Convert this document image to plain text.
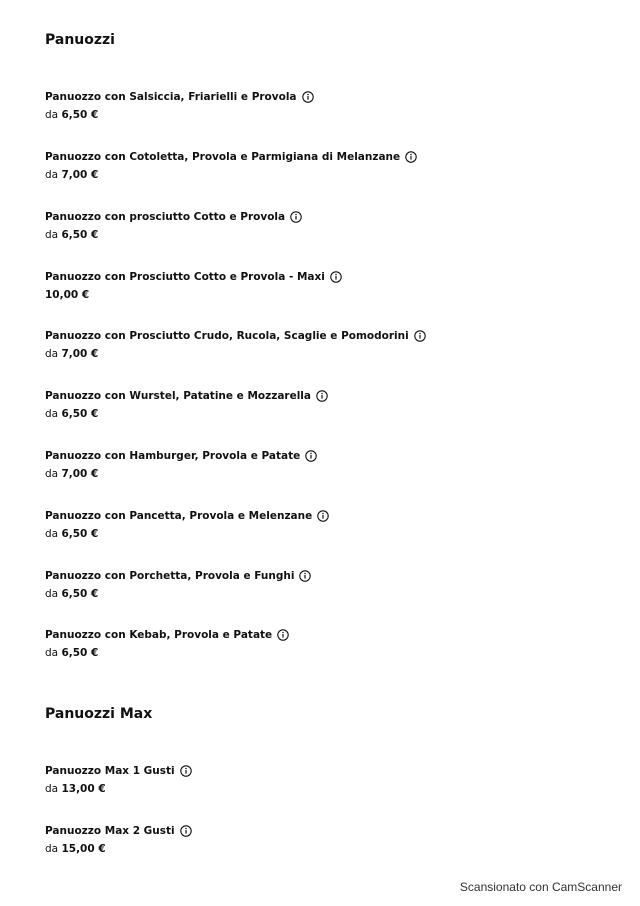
Panuozzi
Panuozzo con Salsiccia, Friarielli e Provola
da 6,50 €
Panuozzo con Cotoletta, Provola e Parmigiana di Melanzane
da 7,00 €
Panuozzo con prosciutto Cotto e Provola
da 6,50 €
Panuozzo con Prosciutto Cotto e Provola - Maxi
10,00 €
Panuozzo con Prosciutto Crudo, Rucola, Scaglie e Pomodorini
da 7,00 €
Panuozzo con Wurstel, Patatine e Mozzarella
da 6,50 €
Panuozzo con Hamburger, Provola e Patate
da 7,00 €
Panuozzo con Pancetta, Provola e Melenzane
da 6,50 €
Panuozzo con Porchetta, Provola e Funghi
da 6,50 €
Panuozzo con Kebab, Provola e Patate
da 6,50 €
Panuozzi Max
Panuozzo Max 1 Gusti
da 13,00 €
Panuozzo Max 2 Gusti
da 15,00 €
Scansionato con CamScanner
